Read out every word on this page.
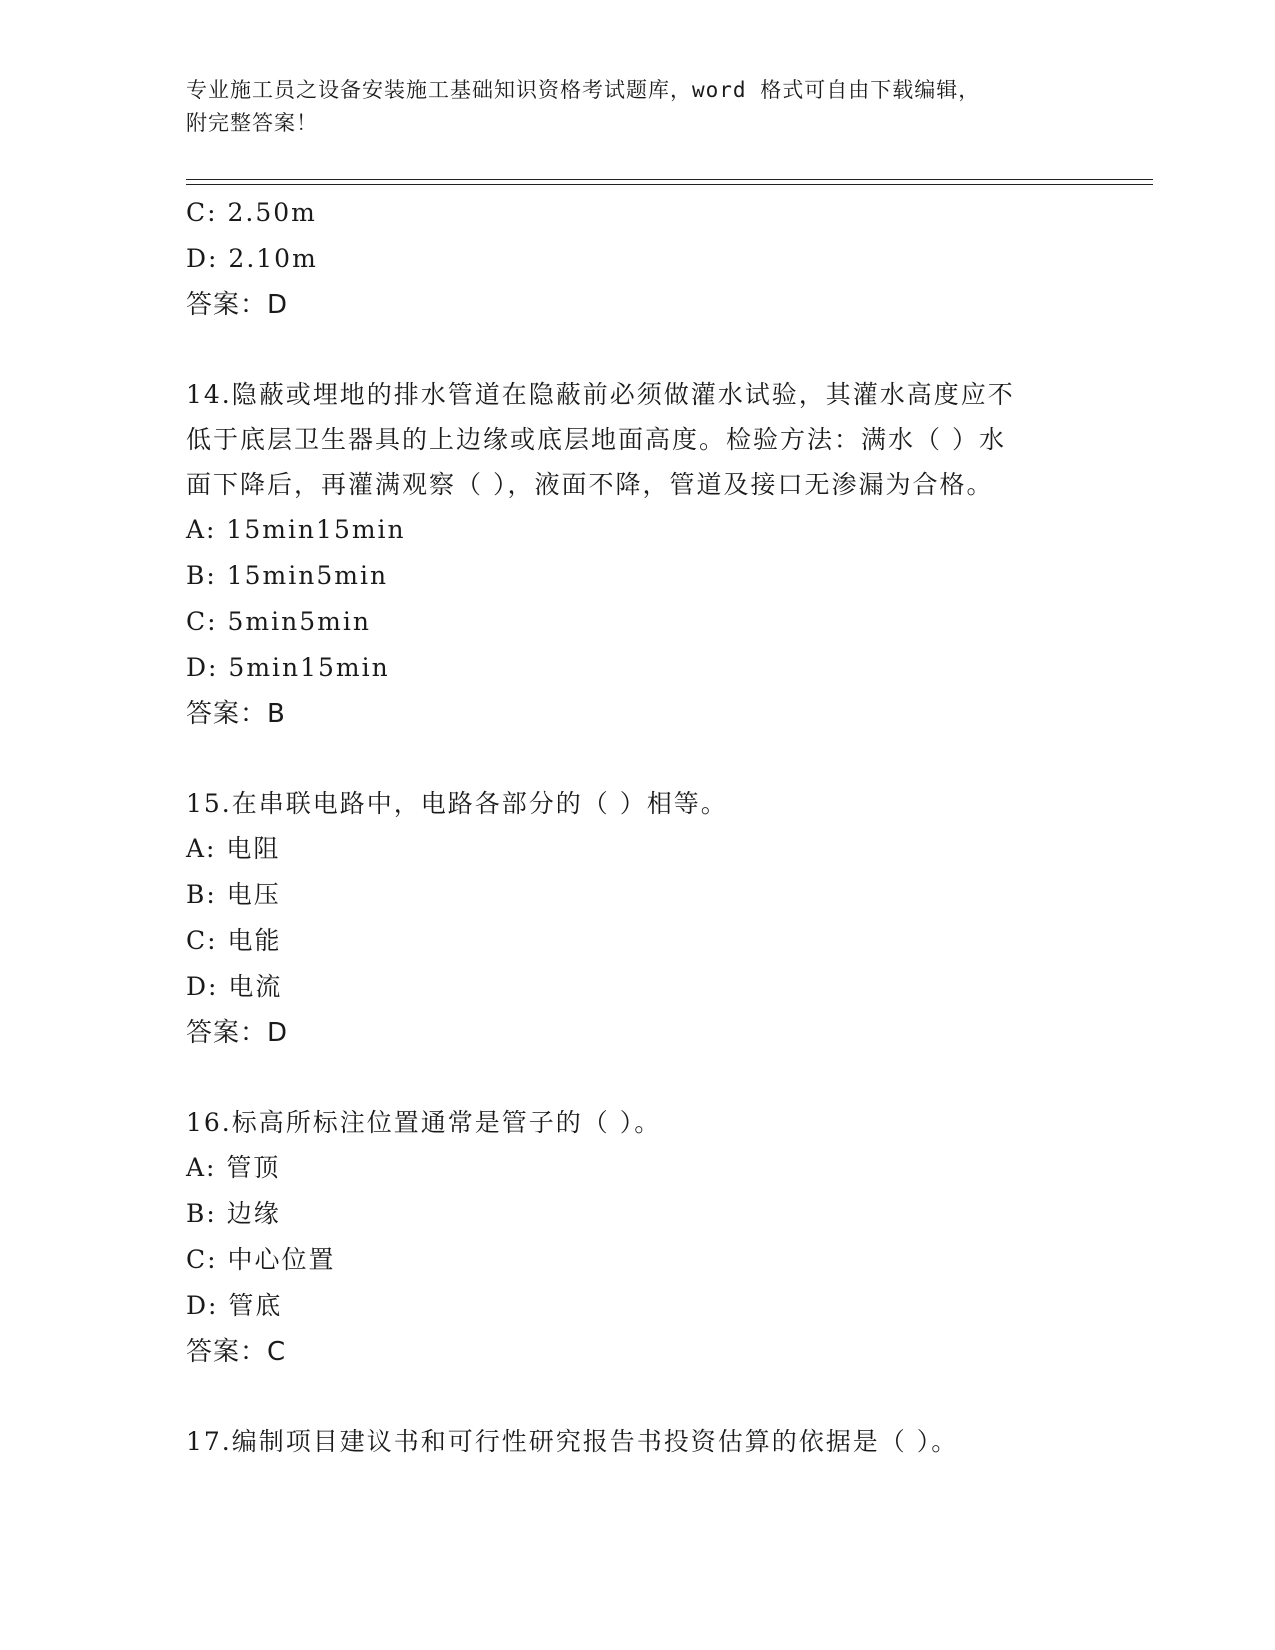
专业施工员之设备安装施工基础知识资格考试题库，word 格式可自由下载编辑，
附完整答案！
C: 2.50m
D: 2.10m
答案：D
14.隐蔽或埋地的排水管道在隐蔽前必须做灌水试验，其灌水高度应不
低于底层卫生器具的上边缘或底层地面高度。检验方法：满水（ ）水
面下降后，再灌满观察（ ），液面不降，管道及接口无渗漏为合格。
A: 15min15min
B: 15min5min
C: 5min5min
D: 5min15min
答案：B
15.在串联电路中，电路各部分的（ ）相等。
A: 电阻
B: 电压
C: 电能
D: 电流
答案：D
16.标高所标注位置通常是管子的（ ）。
A: 管顶
B: 边缘
C: 中心位置
D: 管底
答案：C
17.编制项目建议书和可行性研究报告书投资估算的依据是（ ）。
